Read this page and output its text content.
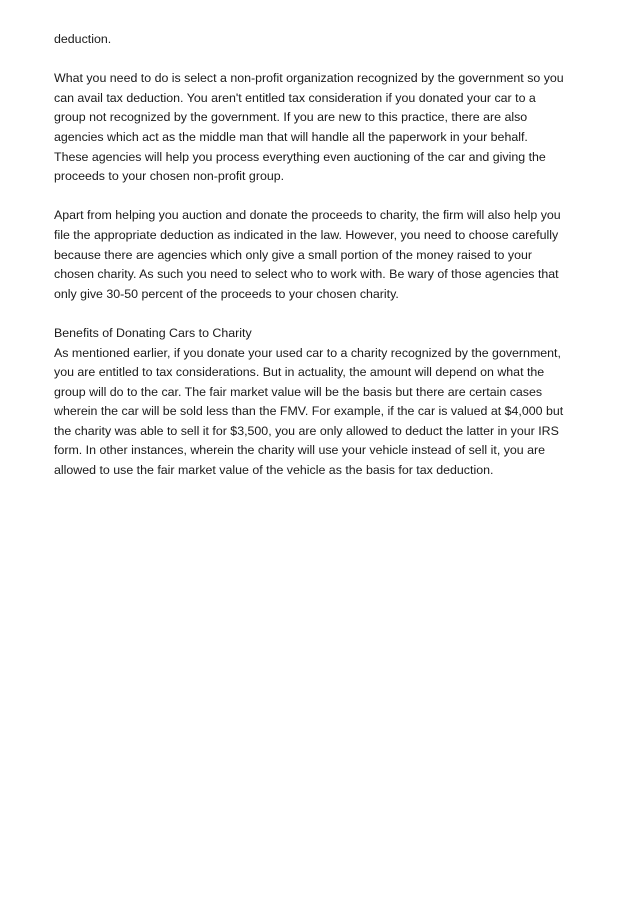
deduction.

What you need to do is select a non-profit organization recognized by the government so you
can avail tax deduction. You aren't entitled tax consideration if you donated your car to a
group not recognized by the government. If you are new to this practice, there are also
agencies which act as the middle man that will handle all the paperwork in your behalf.
These agencies will help you process everything even auctioning of the car and giving the
proceeds to your chosen non-profit group.

Apart from helping you auction and donate the proceeds to charity, the firm will also help you
file the appropriate deduction as indicated in the law. However, you need to choose carefully
because there are agencies which only give a small portion of the money raised to your
chosen charity. As such you need to select who to work with. Be wary of those agencies that
only give 30-50 percent of the proceeds to your chosen charity.

Benefits of Donating Cars to Charity
As mentioned earlier, if you donate your used car to a charity recognized by the government,
you are entitled to tax considerations. But in actuality, the amount will depend on what the
group will do to the car. The fair market value will be the basis but there are certain cases
wherein the car will be sold less than the FMV. For example, if the car is valued at $4,000 but
the charity was able to sell it for $3,500, you are only allowed to deduct the latter in your IRS
form. In other instances, wherein the charity will use your vehicle instead of sell it, you are
allowed to use the fair market value of the vehicle as the basis for tax deduction.
